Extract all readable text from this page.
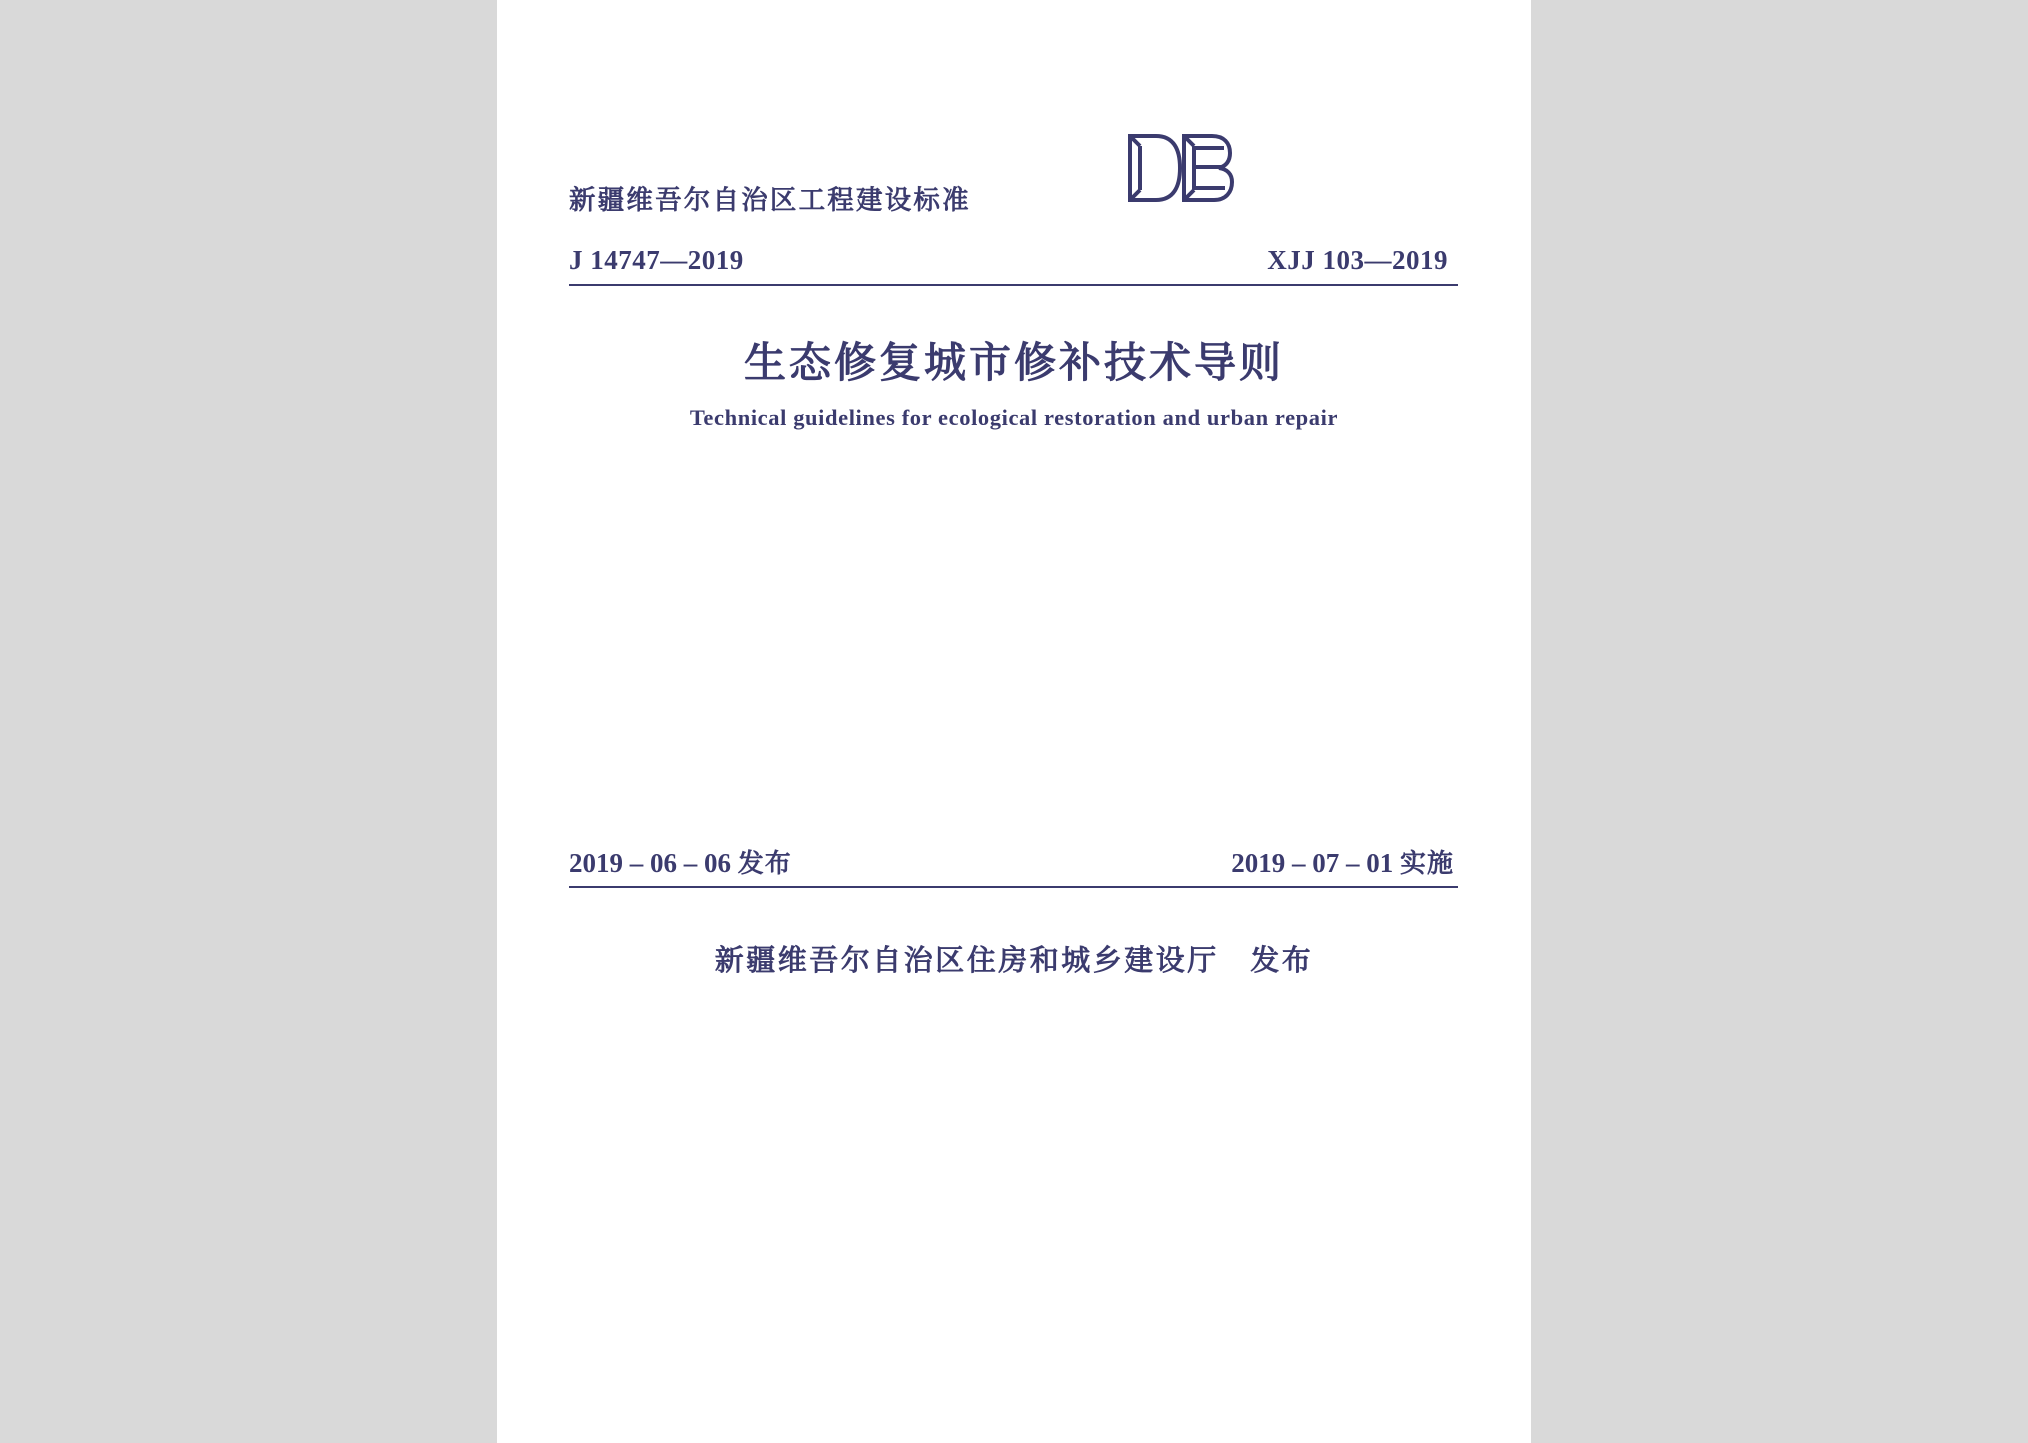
新疆维吾尔自治区工程建设标准
J 14747—2019	XJJ 103—2019
生态修复城市修补技术导则
Technical guidelines for ecological restoration and urban repair
2019 – 06 – 06 发布	2019 – 07 – 01 实施
新疆维吾尔自治区住房和城乡建设厅　发布
